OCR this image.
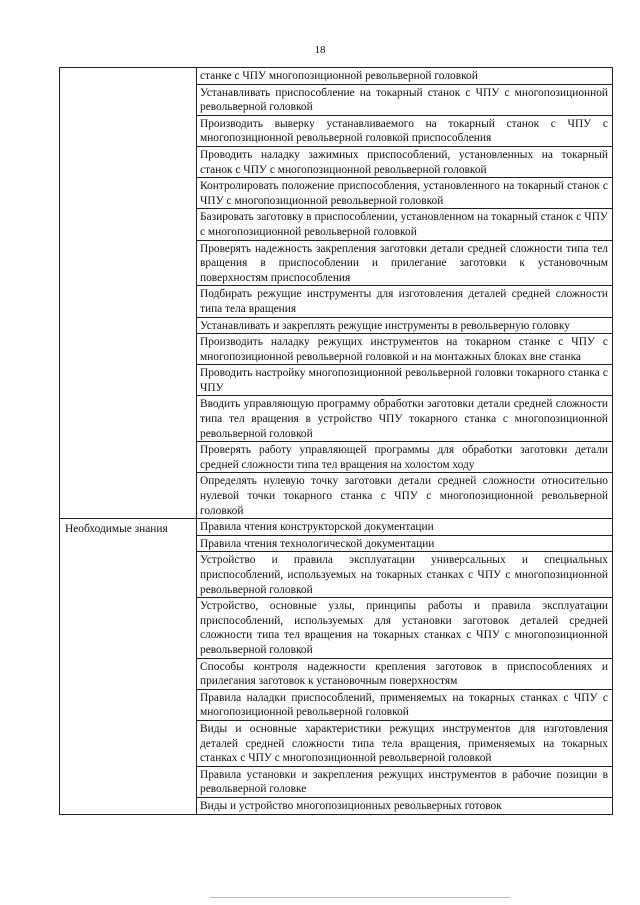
18
	станке с ЧПУ многопозиционной револьверной головкой
	Устанавливать приспособление на токарный станок с ЧПУ с многопозиционной револьверной головкой
	Производить выверку устанавливаемого на токарный станок с ЧПУ с многопозиционной револьверной головкой приспособления
	Проводить наладку зажимных приспособлений, установленных на токарный станок с ЧПУ с многопозиционной револьверной головкой
	Контролировать положение приспособления, установленного на токарный станок с ЧПУ с многопозиционной револьверной головкой
	Базировать заготовку в приспособлении, установленном на токарный станок с ЧПУ с многопозиционной револьверной головкой
	Проверять надежность закрепления заготовки детали средней сложности типа тел вращения в приспособлении и прилегание заготовки к установочным поверхностям приспособления
	Подбирать режущие инструменты для изготовления деталей средней сложности типа тела вращения
	Устанавливать и закреплять режущие инструменты в револьверную головку
	Производить наладку режущих инструментов на токарном станке с ЧПУ с многопозиционной револьверной головкой и на монтажных блоках вне станка
	Проводить настройку многопозиционной револьверной головки токарного станка с ЧПУ
	Вводить управляющую программу обработки заготовки детали средней сложности типа тел вращения в устройство ЧПУ токарного станка с многопозиционной револьверной головкой
	Проверять работу управляющей программы для обработки заготовки детали средней сложности типа тел вращения на холостом ходу
	Определять нулевую точку заготовки детали средней сложности относительно нулевой точки токарного станка с ЧПУ с многопозиционной револьверной головкой
Необходимые знания	Правила чтения конструкторской документации
	Правила чтения технологической документации
	Устройство и правила эксплуатации универсальных и специальных приспособлений, используемых на токарных станках с ЧПУ с многопозиционной револьверной головкой
	Устройство, основные узлы, принципы работы и правила эксплуатации приспособлений, используемых для установки заготовок деталей средней сложности типа тел вращения на токарных станках с ЧПУ с многопозиционной револьверной головкой
	Способы контроля надежности крепления заготовок в приспособлениях и прилегания заготовок к установочным поверхностям
	Правила наладки приспособлений, применяемых на токарных станках с ЧПУ с многопозиционной револьверной головкой
	Виды и основные характеристики режущих инструментов для изготовления деталей средней сложности типа тела вращения, применяемых на токарных станках с ЧПУ с многопозиционной револьверной головкой
	Правила установки и закрепления режущих инструментов в рабочие позиции в револьверной головке
	Виды и устройство многопозиционных револьверных готовок
